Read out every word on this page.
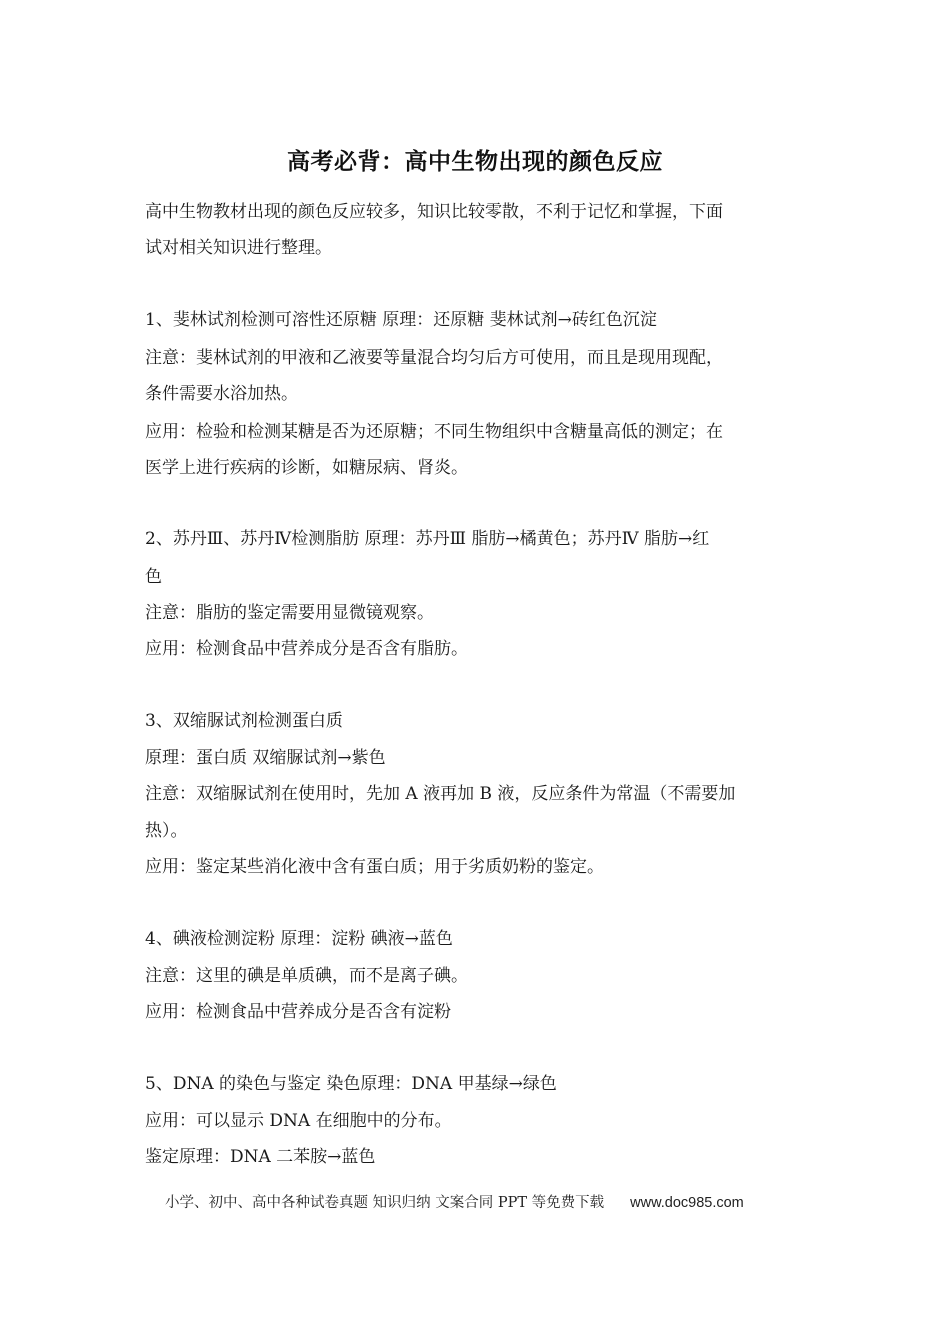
高考必背：高中生物出现的颜色反应
高中生物教材出现的颜色反应较多，知识比较零散，不利于记忆和掌握，下面
试对相关知识进行整理。
1、斐林试剂检测可溶性还原糖 原理：还原糖 斐林试剂→砖红色沉淀
注意：斐林试剂的甲液和乙液要等量混合均匀后方可使用，而且是现用现配，
条件需要水浴加热。
应用：检验和检测某糖是否为还原糖；不同生物组织中含糖量高低的测定；在
医学上进行疾病的诊断，如糖尿病、肾炎。
2、苏丹Ⅲ、苏丹Ⅳ检测脂肪 原理：苏丹Ⅲ 脂肪→橘黄色；苏丹Ⅳ 脂肪→红
色
注意：脂肪的鉴定需要用显微镜观察。
应用：检测食品中营养成分是否含有脂肪。
3、双缩脲试剂检测蛋白质
原理：蛋白质 双缩脲试剂→紫色
注意：双缩脲试剂在使用时，先加 A 液再加 B 液，反应条件为常温（不需要加
热）。
应用：鉴定某些消化液中含有蛋白质；用于劣质奶粉的鉴定。
4、碘液检测淀粉 原理：淀粉 碘液→蓝色
注意：这里的碘是单质碘，而不是离子碘。
应用：检测食品中营养成分是否含有淀粉
5、DNA 的染色与鉴定 染色原理：DNA 甲基绿→绿色
应用：可以显示 DNA 在细胞中的分布。
鉴定原理：DNA 二苯胺→蓝色
小学、初中、高中各种试卷真题 知识归纳 文案合同 PPT 等免费下载 www.doc985.com
